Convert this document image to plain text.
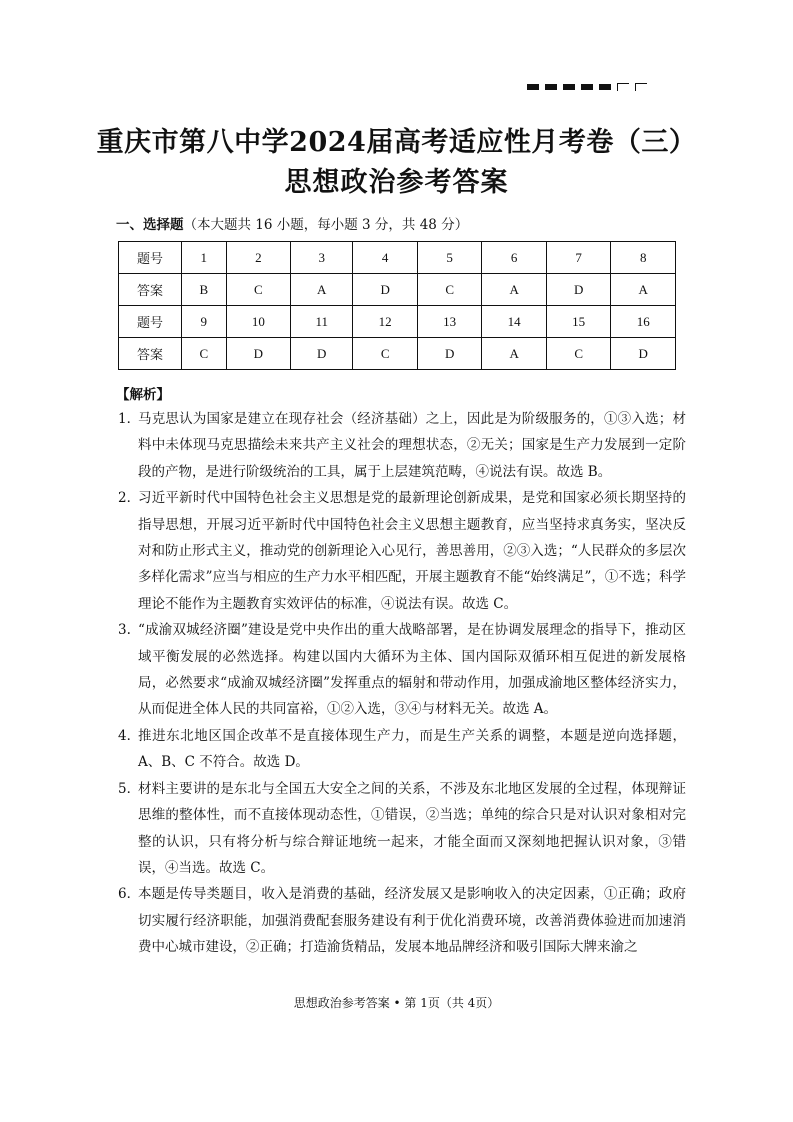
重庆市第八中学2024届高考适应性月考卷（三）
思想政治参考答案
一、选择题（本大题共 16 小题，每小题 3 分，共 48 分）
题号	1	2	3	4	5	6	7	8
答案	B	C	A	D	C	A	D	A
题号	9	10	11	12	13	14	15	16
答案	C	D	D	C	D	A	C	D
【解析】
1．
马克思认为国家是建立在现存社会（经济基础）之上，因此是为阶级服务的，①③入选；材料中未体现马克思描绘未来共产主义社会的理想状态，②无关；国家是生产力发展到一定阶段的产物，是进行阶级统治的工具，属于上层建筑范畴，④说法有误。故选 B。
2．
习近平新时代中国特色社会主义思想是党的最新理论创新成果，是党和国家必须长期坚持的指导思想，开展习近平新时代中国特色社会主义思想主题教育，应当坚持求真务实，坚决反对和防止形式主义，推动党的创新理论入心见行，善思善用，②③入选；“人民群众的多层次多样化需求”应当与相应的生产力水平相匹配，开展主题教育不能“始终满足”，①不选；科学理论不能作为主题教育实效评估的标准，④说法有误。故选 C。
3. “成渝双城经济圈”建设是党中央作出的重大战略部署，是在协调发展理念的指导下，推动区域平衡发展的必然选择。构建以国内大循环为主体、国内国际双循环相互促进的新发展格局，必然要求“成渝双城经济圈”发挥重点的辐射和带动作用，加强成渝地区整体经济实力，从而促进全体人民的共同富裕，①②入选，③④与材料无关。故选 A。
4．
推进东北地区国企改革不是直接体现生产力，而是生产关系的调整，本题是逆向选择题，A、B、C 不符合。故选 D。
5．
材料主要讲的是东北与全国五大安全之间的关系，不涉及东北地区发展的全过程，体现辩证思维的整体性，而不直接体现动态性，①错误，②当选；单纯的综合只是对认识对象相对完整的认识，只有将分析与综合辩证地统一起来，才能全面而又深刻地把握认识对象，③错误，④当选。故选 C。
6．
本题是传导类题目，收入是消费的基础，经济发展又是影响收入的决定因素，①正确；政府切实履行经济职能，加强消费配套服务建设有利于优化消费环境，改善消费体验进而加速消费中心城市建设，②正确；打造渝货精品，发展本地品牌经济和吸引国际大牌来渝之
思想政治参考答案 • 第 1页（共 4页）
